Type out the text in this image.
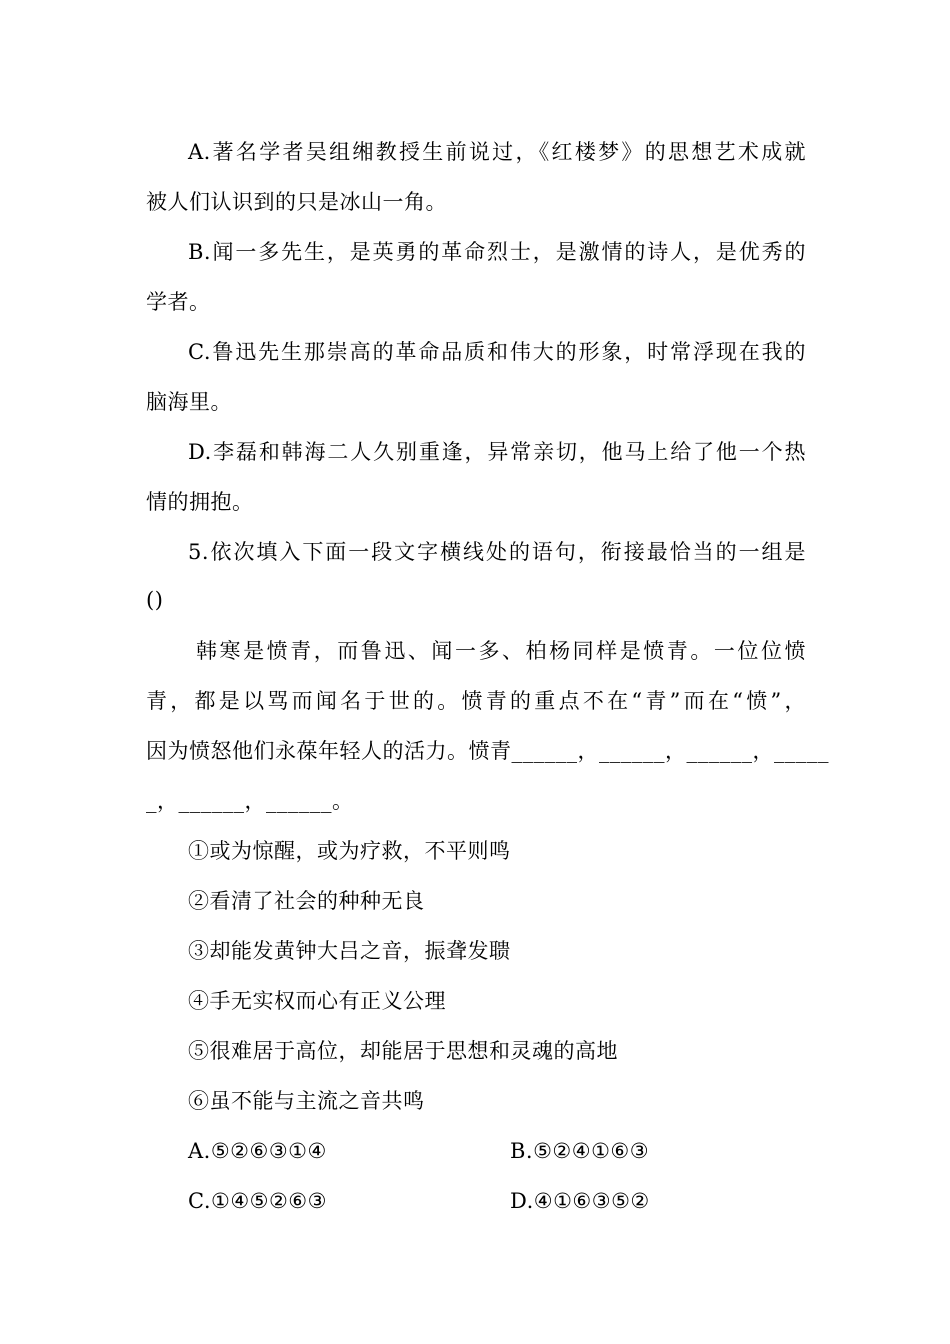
A.著名学者吴组缃教授生前说过，《红楼梦》的思想艺术成就
被人们认识到的只是冰山一角。
B.闻一多先生，是英勇的革命烈士，是激情的诗人，是优秀的
学者。
C.鲁迅先生那崇高的革命品质和伟大的形象，时常浮现在我的
脑海里。
D.李磊和韩海二人久别重逢，异常亲切，他马上给了他一个热
情的拥抱。
5.依次填入下面一段文字横线处的语句，衔接最恰当的一组是
()
韩寒是愤青，而鲁迅、闻一多、柏杨同样是愤青。一位位愤
青，都是以骂而闻名于世的。愤青的重点不在“青”而在“愤”，
因为愤怒他们永葆年轻人的活力。愤青______，______，______，_____
_，______，______。
①或为惊醒，或为疗救，不平则鸣
②看清了社会的种种无良
③却能发黄钟大吕之音，振聋发聩
④手无实权而心有正义公理
⑤很难居于高位，却能居于思想和灵魂的高地
⑥虽不能与主流之音共鸣
A.⑤②⑥③①④	B.⑤②④①⑥③
C.①④⑤②⑥③	D.④①⑥③⑤②
